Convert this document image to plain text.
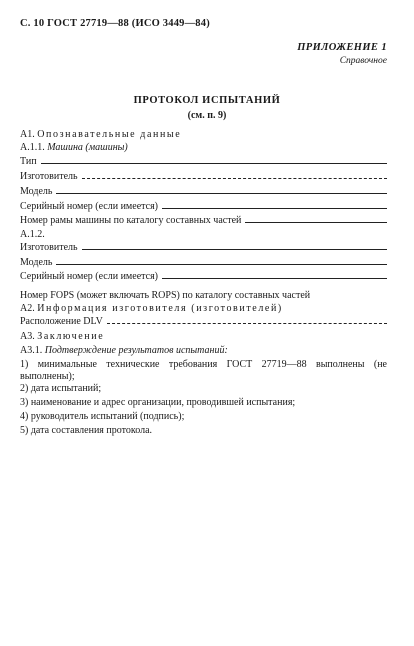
С. 10 ГОСТ 27719—88 (ИСО 3449—84)
ПРИЛОЖЕНИЕ 1
Справочное
ПРОТОКОЛ ИСПЫТАНИЙ
(см. п. 9)
А1. Опознавательные данные
А.1.1. Машина (машины)
Тип
Изготовитель
Модель
Серийный номер (если имеется)
Номер рамы машины по каталогу составных частей
А.1.2.
Изготовитель
Модель
Серийный номер (если имеется)
Номер FOPS (может включать ROPS) по каталогу составных частей
А2. Информация изготовителя (изготовителей)
Расположение DLV
А3. Заключение
А3.1. Подтверждение результатов испытаний:
1) минимальные технические требования ГОСТ 27719—88 выполнены (не выполнены);
2) дата испытаний;
3) наименование и адрес организации, проводившей испытания;
4) руководитель испытаний (подпись);
5) дата составления протокола.
